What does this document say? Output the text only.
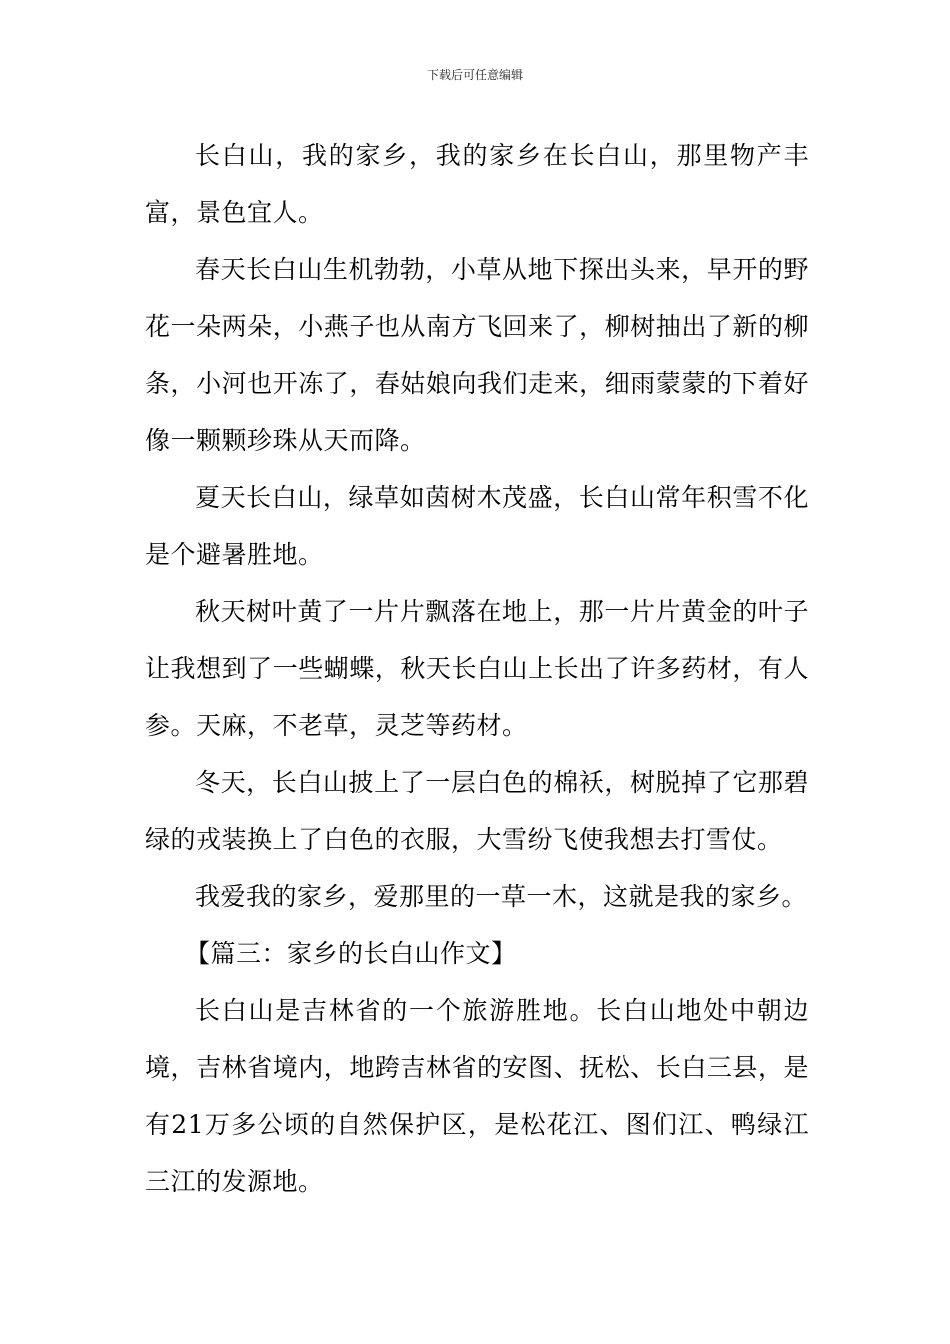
下载后可任意编辑

长白山，我的家乡，我的家乡在长白山，那里物产丰富，景色宜人。

春天长白山生机勃勃，小草从地下探出头来，早开的野花一朵两朵，小燕子也从南方飞回来了，柳树抽出了新的柳条，小河也开冻了，春姑娘向我们走来，细雨蒙蒙的下着好像一颗颗珍珠从天而降。

夏天长白山，绿草如茵树木茂盛，长白山常年积雪不化是个避暑胜地。

秋天树叶黄了一片片飘落在地上，那一片片黄金的叶子让我想到了一些蝴蝶，秋天长白山上长出了许多药材，有人参。天麻，不老草，灵芝等药材。

冬天，长白山披上了一层白色的棉袄，树脱掉了它那碧绿的戎装换上了白色的衣服，大雪纷飞使我想去打雪仗。

我爱我的家乡，爱那里的一草一木，这就是我的家乡。

【篇三：家乡的长白山作文】

长白山是吉林省的一个旅游胜地。长白山地处中朝边境，吉林省境内，地跨吉林省的安图、抚松、长白三县，是有21万多公顷的自然保护区，是松花江、图们江、鸭绿江三江的发源地。
